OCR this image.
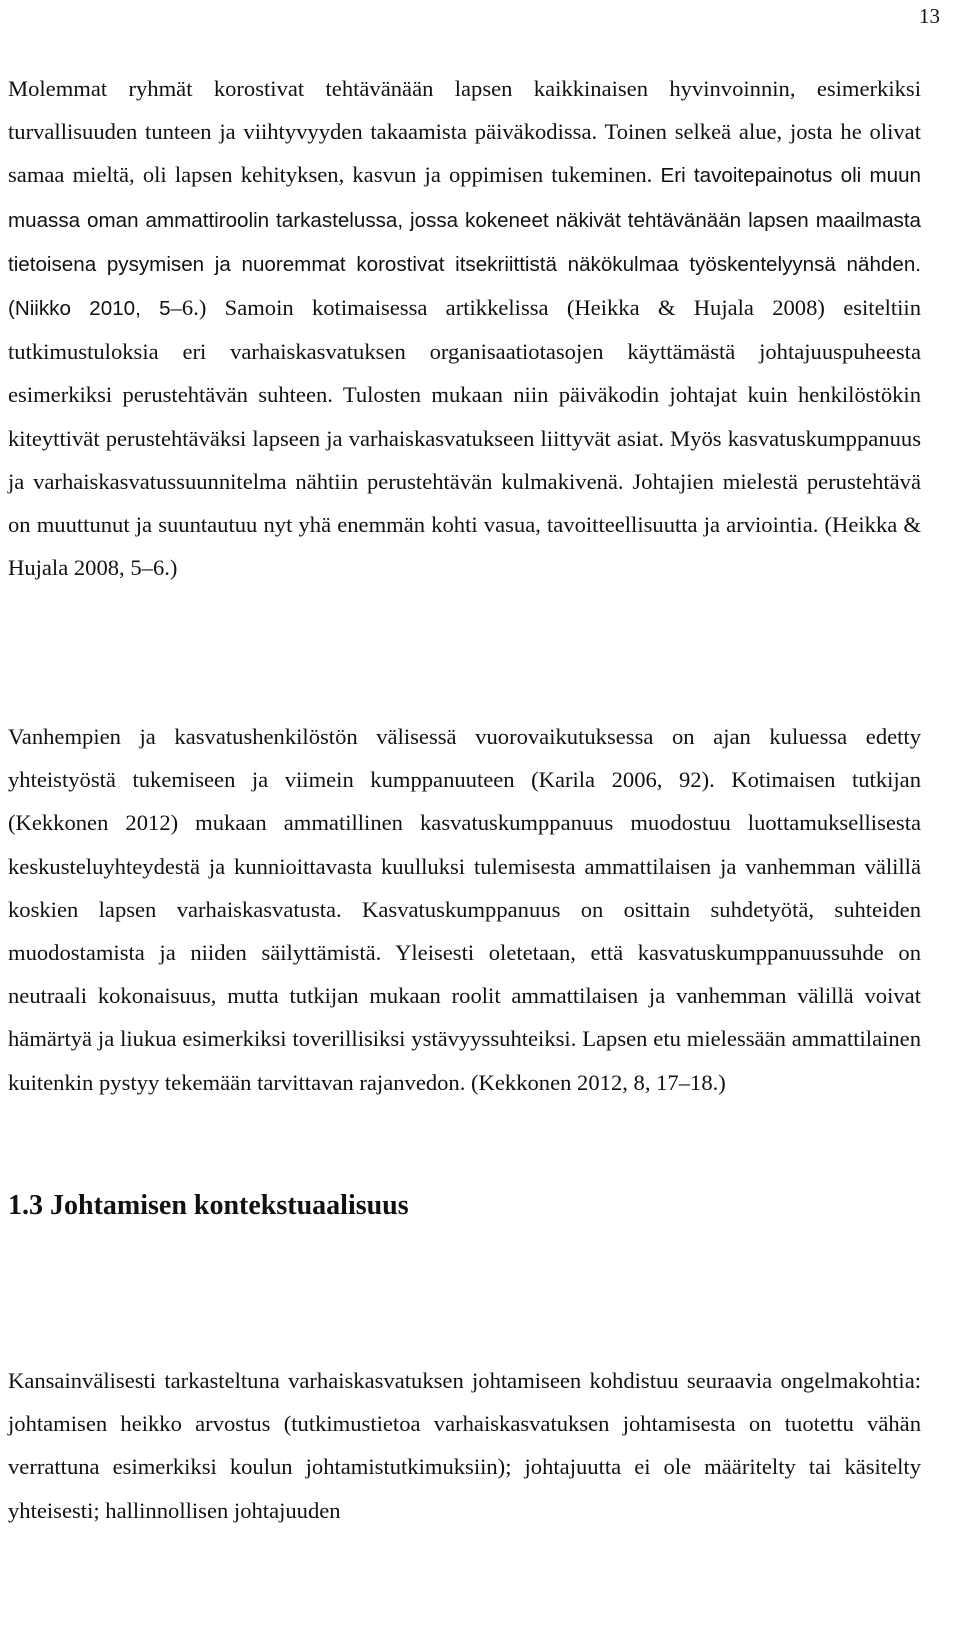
13

Molemmat ryhmät korostivat tehtävänään lapsen kaikkinaisen hyvinvoinnin, esimerkiksi turvallisuuden tunteen ja viihtyvyyden takaamista päiväkodissa. Toinen selkeä alue, josta he olivat samaa mieltä, oli lapsen kehityksen, kasvun ja oppimisen tukeminen. Eri tavoitepainotus oli muun muassa oman ammattiroolin tarkastelussa, jossa kokeneet näkivät tehtävänään lapsen maailmasta tietoisena pysymisen ja nuoremmat korostivat itsekriittistä näkökulmaa työskentelyynsä nähden. (Niikko 2010, 5–6.) Samoin kotimaisessa artikkelissa (Heikka & Hujala 2008) esiteltiin tutkimustuloksia eri varhaiskasvatuksen organisaatiotasojen käyttämästä johtajuuspuheesta esimerkiksi perustehtävän suhteen. Tulosten mukaan niin päiväkodin johtajat kuin henkilöstökin kiteyttivät perustehtäväksi lapseen ja varhaiskasvatukseen liittyvät asiat. Myös kasvatuskumppanuus ja varhaiskasvatussuunnitelma nähtiin perustehtävän kulmakivenä. Johtajien mielestä perustehtävä on muuttunut ja suuntautuu nyt yhä enemmän kohti vasua, tavoitteellisuutta ja arviointia. (Heikka & Hujala 2008, 5–6.)

Vanhempien ja kasvatushenkilöstön välisessä vuorovaikutuksessa on ajan kuluessa edetty yhteistyöstä tukemiseen ja viimein kumppanuuteen (Karila 2006, 92). Kotimaisen tutkijan (Kekkonen 2012) mukaan ammatillinen kasvatuskumppanuus muodostuu luottamuksellisesta keskusteluyhteydestä ja kunnioittavasta kuulluksi tulemisesta ammattilaisen ja vanhemman välillä koskien lapsen varhaiskasvatusta. Kasvatuskumppanuus on osittain suhdetyötä, suhteiden muodostamista ja niiden säilyttämistä. Yleisesti oletetaan, että kasvatuskumppanuussuhde on neutraali kokonaisuus, mutta tutkijan mukaan roolit ammattilaisen ja vanhemman välillä voivat hämärtyä ja liukua esimerkiksi toverillisiksi ystävyyssuhteiksi. Lapsen etu mielessään ammattilainen kuitenkin pystyy tekemään tarvittavan rajanvedon. (Kekkonen 2012, 8, 17–18.)

1.3 Johtamisen kontekstuaalisuus

Kansainvälisesti tarkasteltuna varhaiskasvatuksen johtamiseen kohdistuu seuraavia ongelmakohtia: johtamisen heikko arvostus (tutkimustietoa varhaiskasvatuksen johtamisesta on tuotettu vähän verrattuna esimerkiksi koulun johtamistutkimuksiin); johtajuutta ei ole määritelty tai käsitelty yhteisesti; hallinnollisen johtajuuden
